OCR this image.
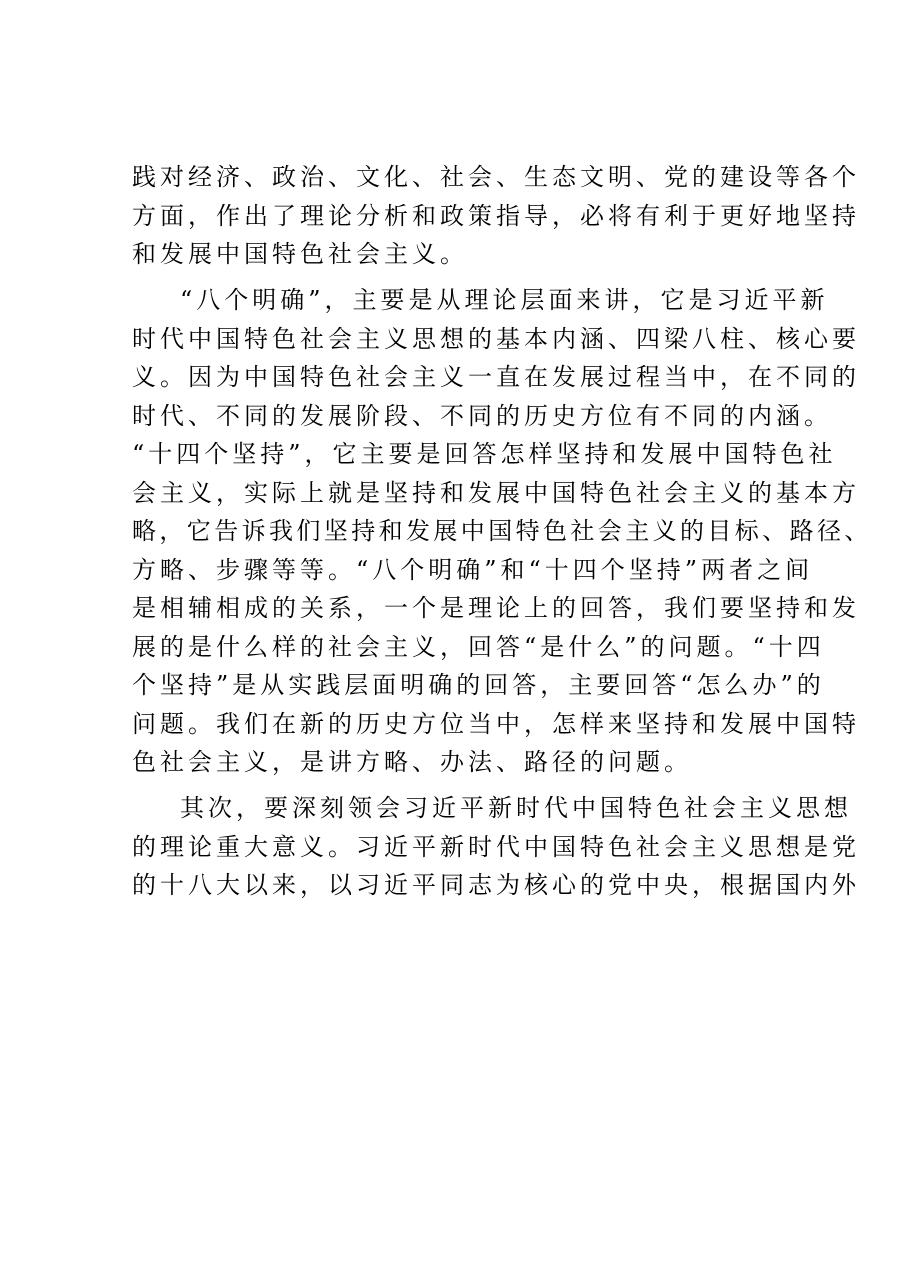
践对经济、政治、文化、社会、生态文明、党的建设等各个
方面，作出了理论分析和政策指导，必将有利于更好地坚持
和发展中国特色社会主义。
“八个明确”，主要是从理论层面来讲，它是习近平新
时代中国特色社会主义思想的基本内涵、四梁八柱、核心要
义。因为中国特色社会主义一直在发展过程当中，在不同的
时代、不同的发展阶段、不同的历史方位有不同的内涵。
“十四个坚持”，它主要是回答怎样坚持和发展中国特色社
会主义，实际上就是坚持和发展中国特色社会主义的基本方
略，它告诉我们坚持和发展中国特色社会主义的目标、路径、
方略、步骤等等。“八个明确”和“十四个坚持”两者之间
是相辅相成的关系，一个是理论上的回答，我们要坚持和发
展的是什么样的社会主义，回答“是什么”的问题。“十四
个坚持”是从实践层面明确的回答，主要回答“怎么办”的
问题。我们在新的历史方位当中，怎样来坚持和发展中国特
色社会主义，是讲方略、办法、路径的问题。
其次，要深刻领会习近平新时代中国特色社会主义思想
的理论重大意义。习近平新时代中国特色社会主义思想是党
的十八大以来，以习近平同志为核心的党中央，根据国内外
